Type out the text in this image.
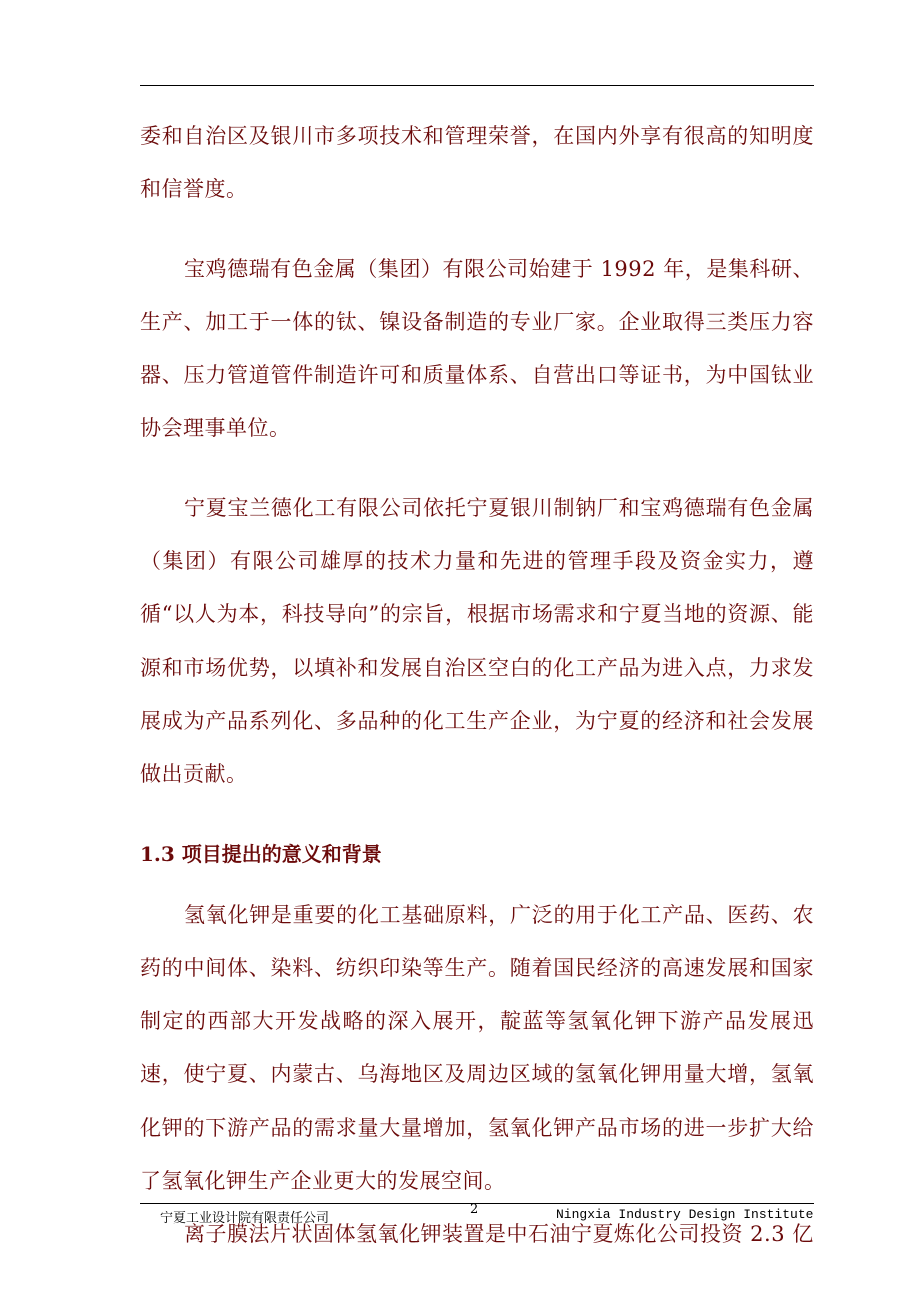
委和自治区及银川市多项技术和管理荣誉，在国内外享有很高的知明度和信誉度。

宝鸡德瑞有色金属（集团）有限公司始建于 1992 年，是集科研、生产、加工于一体的钛、镍设备制造的专业厂家。企业取得三类压力容器、压力管道管件制造许可和质量体系、自营出口等证书，为中国钛业协会理事单位。

宁夏宝兰德化工有限公司依托宁夏银川制钠厂和宝鸡德瑞有色金属（集团）有限公司雄厚的技术力量和先进的管理手段及资金实力，遵循“以人为本，科技导向”的宗旨，根据市场需求和宁夏当地的资源、能源和市场优势，以填补和发展自治区空白的化工产品为进入点，力求发展成为产品系列化、多品种的化工生产企业，为宁夏的经济和社会发展做出贡献。

1.3 项目提出的意义和背景

氢氧化钾是重要的化工基础原料，广泛的用于化工产品、医药、农药的中间体、染料、纺织印染等生产。随着国民经济的高速发展和国家制定的西部大开发战略的深入展开，靛蓝等氢氧化钾下游产品发展迅速，使宁夏、内蒙古、乌海地区及周边区域的氢氧化钾用量大增，氢氧化钾的下游产品的需求量大量增加，氢氧化钾产品市场的进一步扩大给了氢氧化钾生产企业更大的发展空间。

离子膜法片状固体氢氧化钾装置是中石油宁夏炼化公司投资 2.3 亿

宁夏工业设计院有限责任公司
2	Ningxia Industry Design Institute
